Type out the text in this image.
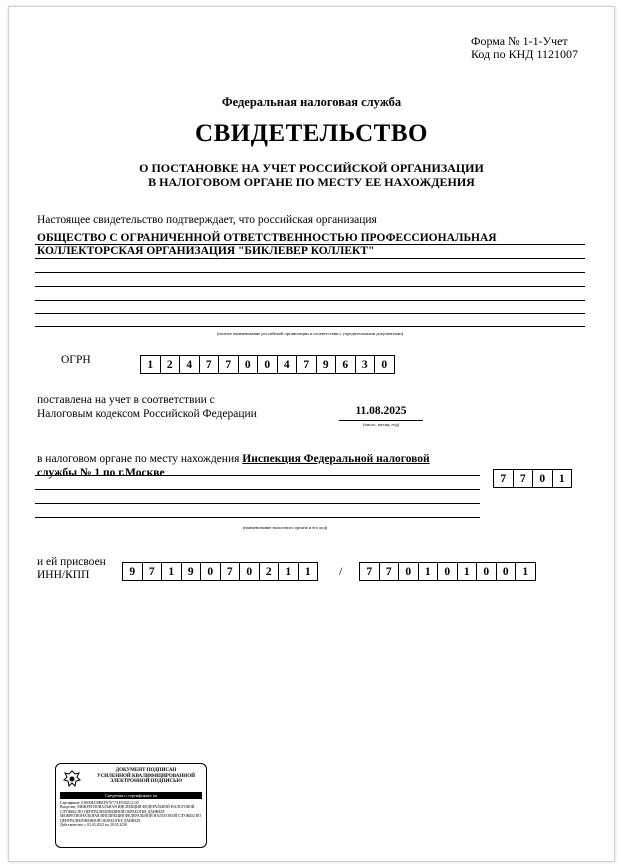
Форма № 1-1-Учет
Код по КНД 1121007
Федеральная налоговая служба
СВИДЕТЕЛЬСТВО
О ПОСТАНОВКЕ НА УЧЕТ РОССИЙСКОЙ ОРГАНИЗАЦИИ
В НАЛОГОВОМ ОРГАНЕ ПО МЕСТУ ЕЕ НАХОЖДЕНИЯ
Настоящее свидетельство подтверждает, что российская организация
ОБЩЕСТВО С ОГРАНИЧЕННОЙ ОТВЕТСТВЕННОСТЬЮ ПРОФЕССИОНАЛЬНАЯ
КОЛЛЕКТОРСКАЯ ОРГАНИЗАЦИЯ "БИКЛЕВЕР КОЛЛЕКТ"
(полное наименование российской организации в соответствии с учредительными документами)
ОГРН	1	2	4	7	7	0	0	4	7	9	6	3	0
поставлена на учет в соответствии с
Налоговым кодексом Российской Федерации	11.08.2025
(число, месяц, год)
в налоговом органе по месту нахождения Инспекция Федеральной налоговой
службы № 1 по г.Москве	7	7	0	1
(наименование налогового органа и его код)
и ей присвоен
ИНН/КПП	9	7	1	9	0	7	0	2	1	1	/	7	7	0	1	0	1	0	0	1
ДОКУМЕНТ ПОДПИСАН
УСИЛЕННОЙ КВАЛИФИЦИРОВАННОЙ
ЭЛЕКТРОННОЙ ПОДПИСЬЮ
Сведения о сертификате эп
Сертификат: 01B00ECBBEFA7677AE9302C2130
Владелец: МЕЖРЕГИОНАЛЬНАЯ ИНСПЕКЦИЯ ФЕДЕРАЛЬНОЙ НАЛОГОВОЙ СЛУЖБЫ ПО ЦЕНТРАЛИЗОВАННОЙ ОБРАБОТКЕ ДАННЫХ МЕЖРЕГИОНАЛЬНАЯ ИНСПЕКЦИЯ ФЕДЕРАЛЬНОЙ НАЛОГОВОЙ СЛУЖБЫ ПО ЦЕНТРАЛИЗОВАННОЙ ОБРАБОТКЕ ДАННЫХ
Действителен: с 03.03.2025 по 20.05.2026
